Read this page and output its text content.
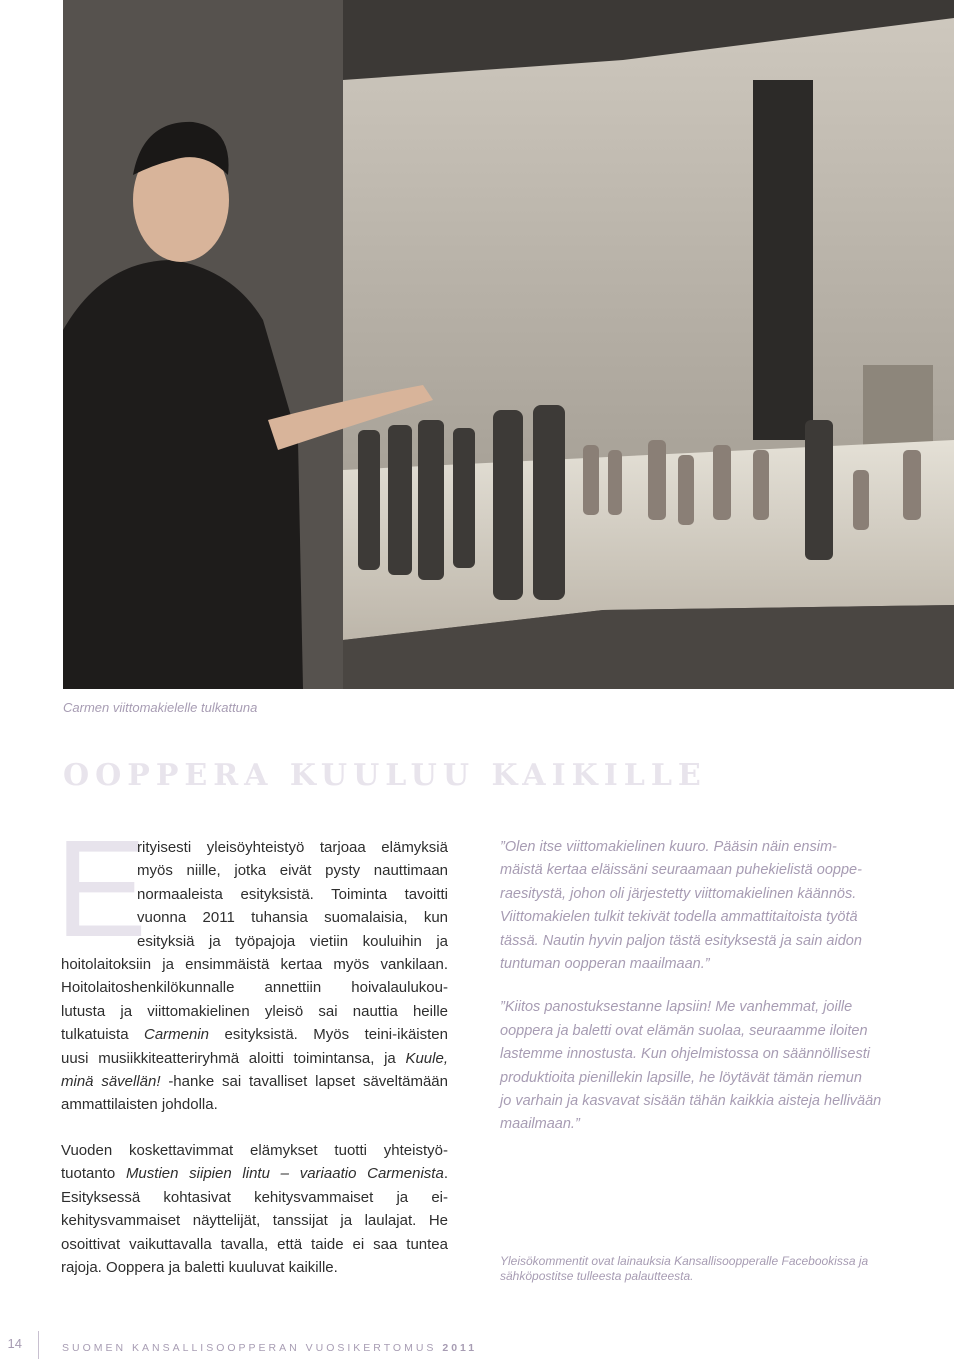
Carmen viittomakielelle tulkattuna
OOPPERA KUULUU KAIKILLE
E

rityisesti yleisöyhteistyö tarjoaa elämyksiä

myös niille, jotka eivät pysty nauttimaan

normaaleista esityksistä. Toiminta tavoitti

vuonna 2011 tuhansia suomalaisia, kun

esityksiä ja työpajoja vietiin kouluihin ja

hoitolaitoksiin ja ensimmäistä kertaa myös vankilaan.

Hoitolaitoshenkilökunnalle annettiin hoivalaulukou-

lutusta ja viittomakielinen yleisö sai nauttia heille

tulkatuista Carmenin esityksistä. Myös teini-ikäisten

uusi musiikkiteatteriryhmä aloitti toimintansa, ja Kuule,

minä sävellän! -hanke sai tavalliset lapset säveltämään

ammattilaisten johdolla.

Vuoden koskettavimmat elämykset tuotti yhteistyö-

tuotanto Mustien siipien lintu – variaatio Carmenista.

Esityksessä kohtasivat kehitysvammaiset ja ei-

kehitysvammaiset näyttelijät, tanssijat ja laulajat. He

osoittivat vaikuttavalla tavalla, että taide ei saa tuntea

rajoja. Ooppera ja baletti kuuluvat kaikille.

”Olen itse viittomakielinen kuuro. Pääsin näin ensim-

mäistä kertaa eläissäni seuraamaan puhekielistä ooppe-

raesitystä, johon oli järjestetty viittomakielinen käännös.

Viittomakielen tulkit tekivät todella ammattitaitoista työtä

tässä. Nautin hyvin paljon tästä esityksestä ja sain aidon

tuntuman oopperan maailmaan.”

”Kiitos panostuksestanne lapsiin! Me vanhemmat, joille

ooppera ja baletti ovat elämän suolaa, seuraamme iloiten

lastemme innostusta. Kun ohjelmistossa on säännöllisesti

produktioita pienillekin lapsille, he löytävät tämän riemun

jo varhain ja kasvavat sisään tähän kaikkia aisteja hellivään

maailmaan.”

Yleisökommentit ovat lainauksia Kansallisoopperalle Facebookissa ja

sähköpostitse tulleesta palautteesta.

14	SUOMEN KANSALLISOOPPERAN VUOSIKERTOMUS 2011
